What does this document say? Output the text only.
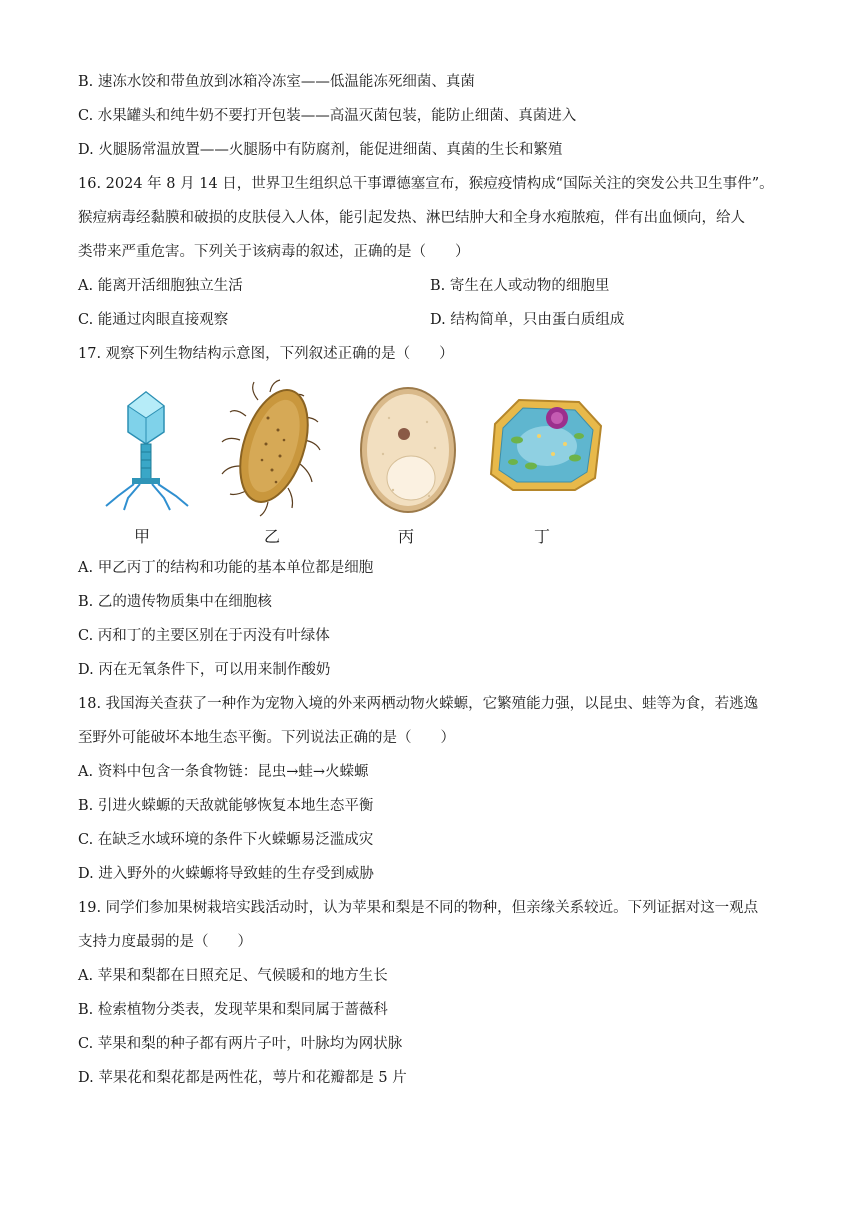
B. 速冻水饺和带鱼放到冰箱冷冻室——低温能冻死细菌、真菌
C. 水果罐头和纯牛奶不要打开包装——高温灭菌包装，能防止细菌、真菌进入
D. 火腿肠常温放置——火腿肠中有防腐剂，能促进细菌、真菌的生长和繁殖
16. 2024 年 8 月 14 日，世界卫生组织总干事谭德塞宣布，猴痘疫情构成“国际关注的突发公共卫生事件”。
猴痘病毒经黏膜和破损的皮肤侵入人体，能引起发热、淋巴结肿大和全身水疱脓疱，伴有出血倾向，给人
类带来严重危害。下列关于该病毒的叙述，正确的是（　　）
A. 能离开活细胞独立生活	B. 寄生在人或动物的细胞里
C. 能通过肉眼直接观察	D. 结构简单，只由蛋白质组成
17. 观察下列生物结构示意图，下列叙述正确的是（　　）
甲	乙	丙	丁
A. 甲乙丙丁的结构和功能的基本单位都是细胞
B. 乙的遗传物质集中在细胞核
C. 丙和丁的主要区别在于丙没有叶绿体
D. 丙在无氧条件下，可以用来制作酸奶
18. 我国海关查获了一种作为宠物入境的外来两栖动物火蝾螈，它繁殖能力强，以昆虫、蛙等为食，若逃逸
至野外可能破坏本地生态平衡。下列说法正确的是（　　）
A. 资料中包含一条食物链：昆虫→蛙→火蝾螈
B. 引进火蝾螈的天敌就能够恢复本地生态平衡
C. 在缺乏水域环境的条件下火蝾螈易泛滥成灾
D. 进入野外的火蝾螈将导致蛙的生存受到威胁
19. 同学们参加果树栽培实践活动时，认为苹果和梨是不同的物种，但亲缘关系较近。下列证据对这一观点
支持力度最弱的是（　　）
A. 苹果和梨都在日照充足、气候暖和的地方生长
B. 检索植物分类表，发现苹果和梨同属于蔷薇科
C. 苹果和梨的种子都有两片子叶，叶脉均为网状脉
D. 苹果花和梨花都是两性花，萼片和花瓣都是 5 片
